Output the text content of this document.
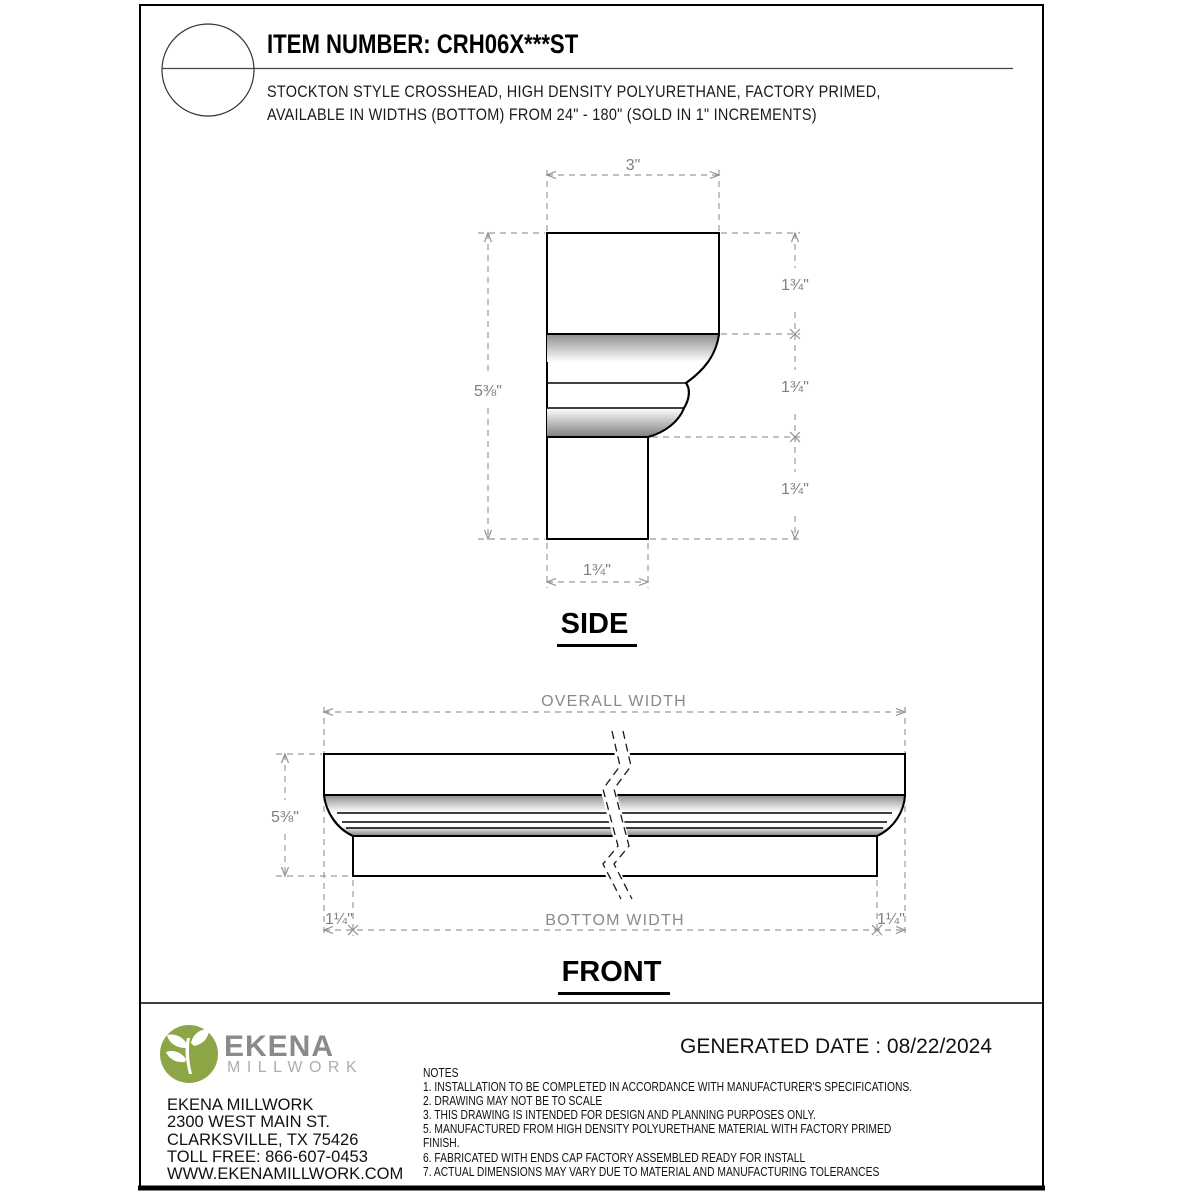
3"
5⅜"
1¾"
1¾"
1¾"
1¾"
OVERALL WIDTH
5⅜"
1¼"	BOTTOM WIDTH	1¼"
ITEM NUMBER: CRH06X***ST
STOCKTON STYLE CROSSHEAD, HIGH DENSITY POLYURETHANE, FACTORY PRIMED,
AVAILABLE IN WIDTHS (BOTTOM) FROM 24" - 180" (SOLD IN 1" INCREMENTS)
SIDE
FRONT
EKENA
MILLWORK
EKENA MILLWORK
2300 WEST MAIN ST.
CLARKSVILLE, TX 75426
TOLL FREE: 866-607-0453
WWW.EKENAMILLWORK.COM
GENERATED DATE : 08/22/2024
NOTES
1. INSTALLATION TO BE COMPLETED IN ACCORDANCE WITH MANUFACTURER'S SPECIFICATIONS.
2. DRAWING MAY NOT BE TO SCALE
3. THIS DRAWING IS INTENDED FOR DESIGN AND PLANNING PURPOSES ONLY.
5. MANUFACTURED FROM HIGH DENSITY POLYURETHANE MATERIAL WITH FACTORY PRIMED
FINISH.
6. FABRICATED WITH ENDS CAP FACTORY ASSEMBLED READY FOR INSTALL
7. ACTUAL DIMENSIONS MAY VARY DUE TO MATERIAL AND MANUFACTURING TOLERANCES
